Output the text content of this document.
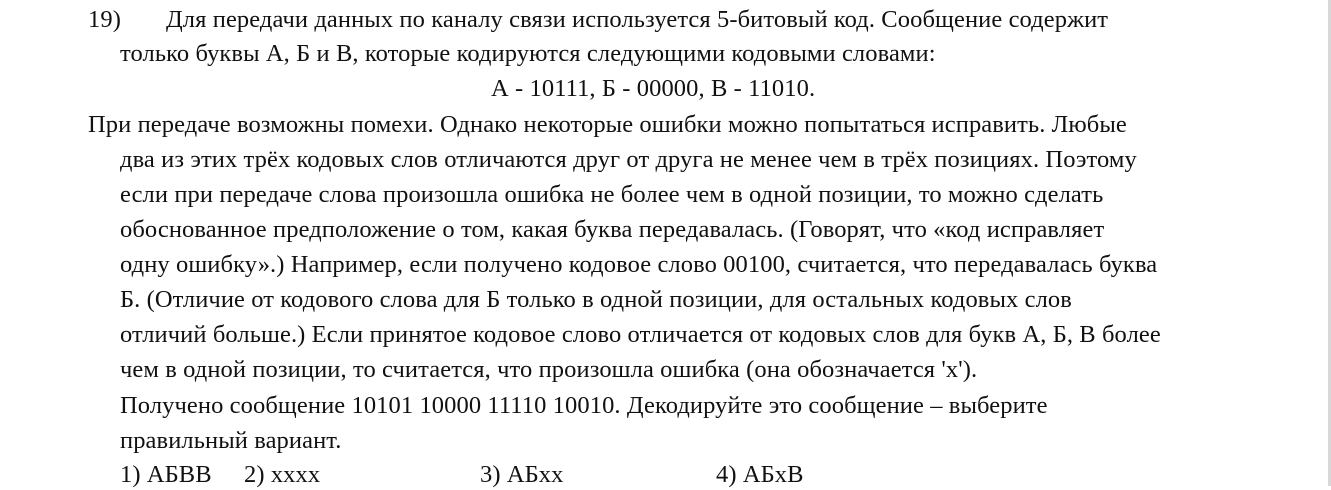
19) Для передачи данных по каналу связи используется 5-битовый код. Сообщение содержит
только буквы А, Б и В, которые кодируются следующими кодовыми словами:
А - 10111, Б - 00000, В - 11010.
При передаче возможны помехи. Однако некоторые ошибки можно попытаться исправить. Любые
два из этих трёх кодовых слов отличаются друг от друга не менее чем в трёх позициях. Поэтому
если при передаче слова произошла ошибка не более чем в одной позиции, то можно сделать
обоснованное предположение о том, какая буква передавалась. (Говорят, что «код исправляет
одну ошибку».) Например, если получено кодовое слово 00100, считается, что передавалась буква
Б. (Отличие от кодового слова для Б только в одной позиции, для остальных кодовых слов
отличий больше.) Если принятое кодовое слово отличается от кодовых слов для букв А, Б, В более
чем в одной позиции, то считается, что произошла ошибка (она обозначается 'х').
Получено сообщение 10101 10000 11110 10010. Декодируйте это сообщение – выберите
правильный вариант.
1) АБВВ 2) хххх	3) АБхх	4) АБхВ
